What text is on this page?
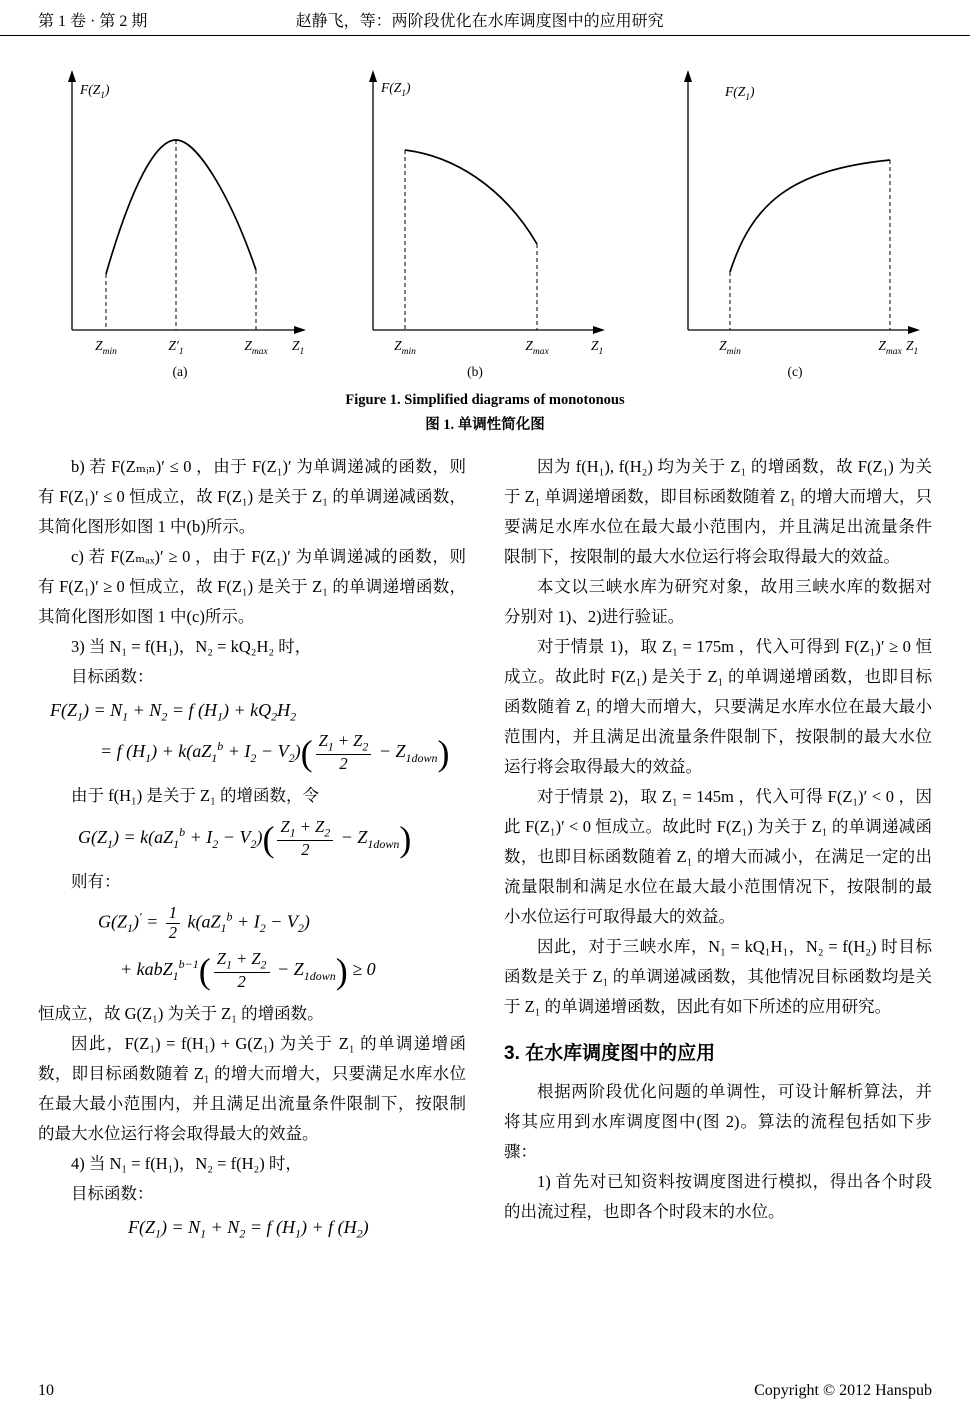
第 1 卷 · 第 2 期	赵静飞，等：两阶段优化在水库调度图中的应用研究
$F(Z_1)$
$Z_{min}$	$Z'_1$	$Z_{max}$ $Z_1$
(a)
$F(Z_1)$
$Z_{min}$	$Z_{max}$	$Z_1$
(b)
$F(Z_1)$
$Z_{min}$	$Z_{max}$ $Z_1$
(c)
Figure 1. Simplified diagrams of monotonous
图 1. 单调性简化图

b) 若 F(Zₘᵢₙ)′ ≤ 0 ，由于 F(Z₁)′ 为单调递减的函数，则有 F(Z₁)′ ≤ 0 恒成立，故 F(Z₁) 是关于 Z₁ 的单调递减函数，其简化图形如图 1 中(b)所示。

c) 若 F(Zₘₐₓ)′ ≥ 0 ，由于 F(Z₁)′ 为单调递减的函数，则有 F(Z₁)′ ≥ 0 恒成立，故 F(Z₁) 是关于 Z₁ 的单调递增函数，其简化图形如图 1 中(c)所示。

3) 当 N₁ = f(H₁)，N₂ = kQ₂H₂ 时，

目标函数：

$F(Z_1) = N_1 + N_2 = f$ $(H_1) + kQ_2H_2$
= f $(H_1) + k(aZ_1^b + I_2 - V_2)( \frac{Z_1 + Z_2}{2} - Z_{1down})$

由于 f(H₁) 是关于 Z₁ 的增函数，令

$G(Z_1) = k(aZ_1^b + I_2 - V_2)( \frac{Z_1 + Z_2}{2} - Z_{1down})$

则有：

$G(Z_1)' = \frac{1}{2} k(aZ_1^b + I_2 - V_2)$
+ kabZ$_1^{b-1}$( $\frac{Z_1 + Z_2}{2} - Z_{1down}) \ge 0$

恒成立，故 G(Z₁) 为关于 Z₁ 的增函数。

因此，F(Z₁) = f(H₁) + G(Z₁) 为关于 Z₁ 的单调递增函数，即目标函数随着 Z₁ 的增大而增大，只要满足水库水位在最大最小范围内，并且满足出流量条件限制下，按限制的最大水位运行将会取得最大的效益。

4) 当 N₁ = f(H₁)，N₂ = f(H₂) 时，

目标函数：

$F(Z_1) = N_1 + N_2 = f$ $(H_1) + f$ $(H_2)$

因为 f(H₁), f(H₂) 均为关于 Z₁ 的增函数，故 F(Z₁) 为关于 Z₁ 单调递增函数，即目标函数随着 Z₁ 的增大而增大，只要满足水库水位在最大最小范围内，并且满足出流量条件限制下，按限制的最大水位运行将会取得最大的效益。

本文以三峡水库为研究对象，故用三峡水库的数据对分别对 1)、2)进行验证。

对于情景 1)，取 Z₁ = 175m ，代入可得到 F(Z₁)′ ≥ 0 恒成立。故此时 F(Z₁) 是关于 Z₁ 的单调递增函数，也即目标函数随着 Z₁ 的增大而增大，只要满足水库水位在最大最小范围内，并且满足出流量条件限制下，按限制的最大水位运行将会取得最大的效益。

对于情景 2)，取 Z₁ = 145m ，代入可得 F(Z₁)′ < 0 ，因此 F(Z₁)′ < 0 恒成立。故此时 F(Z₁) 为关于 Z₁ 的单调递减函数，也即目标函数随着 Z₁ 的增大而减小，在满足一定的出流量限制和满足水位在最大最小范围情况下，按限制的最小水位运行可取得最大的效益。

因此，对于三峡水库，N₁ = kQ₁H₁，N₂ = f(H₂) 时目标函数是关于 Z₁ 的单调递减函数，其他情况目标函数均是关于 Z₁ 的单调递增函数，因此有如下所述的应用研究。

3. 在水库调度图中的应用

根据两阶段优化问题的单调性，可设计解析算法，并将其应用到水库调度图中(图 2)。算法的流程包括如下步骤：

1) 首先对已知资料按调度图进行模拟，得出各个时段的出流过程，也即各个时段末的水位。

10	Copyright © 2012 Hanspub
